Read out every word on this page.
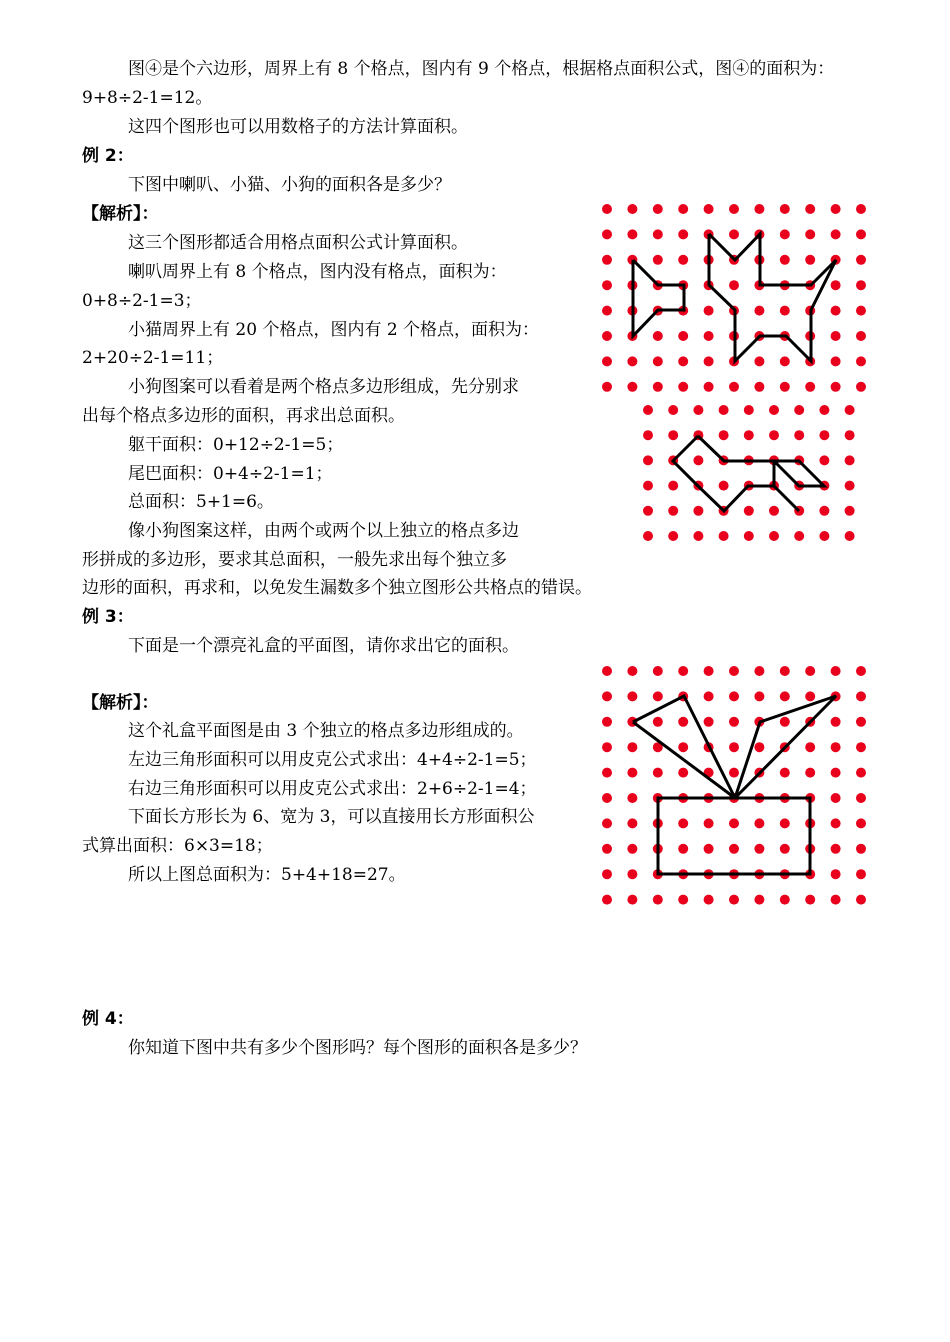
图④是个六边形，周界上有 8 个格点，图内有 9 个格点，根据格点面积公式，图④的面积为：
9+8÷2-1=12。
这四个图形也可以用数格子的方法计算面积。
例 2：
下图中喇叭、小猫、小狗的面积各是多少？
【解析】：
这三个图形都适合用格点面积公式计算面积。
喇叭周界上有 8 个格点，图内没有格点，面积为：
0+8÷2-1=3；
小猫周界上有 20 个格点，图内有 2 个格点，面积为：
2+20÷2-1=11；
小狗图案可以看着是两个格点多边形组成，先分别求
出每个格点多边形的面积，再求出总面积。
躯干面积：0+12÷2-1=5；
尾巴面积：0+4÷2-1=1；
总面积：5+1=6。
像小狗图案这样，由两个或两个以上独立的格点多边
形拼成的多边形，要求其总面积，一般先求出每个独立多
边形的面积，再求和，以免发生漏数多个独立图形公共格点的错误。
例 3：
下面是一个漂亮礼盒的平面图，请你求出它的面积。
【解析】：
这个礼盒平面图是由 3 个独立的格点多边形组成的。
左边三角形面积可以用皮克公式求出：4+4÷2-1=5；
右边三角形面积可以用皮克公式求出：2+6÷2-1=4；
下面长方形长为 6、宽为 3，可以直接用长方形面积公
式算出面积：6×3=18；
所以上图总面积为：5+4+18=27。
例 4：
你知道下图中共有多少个图形吗？每个图形的面积各是多少？
